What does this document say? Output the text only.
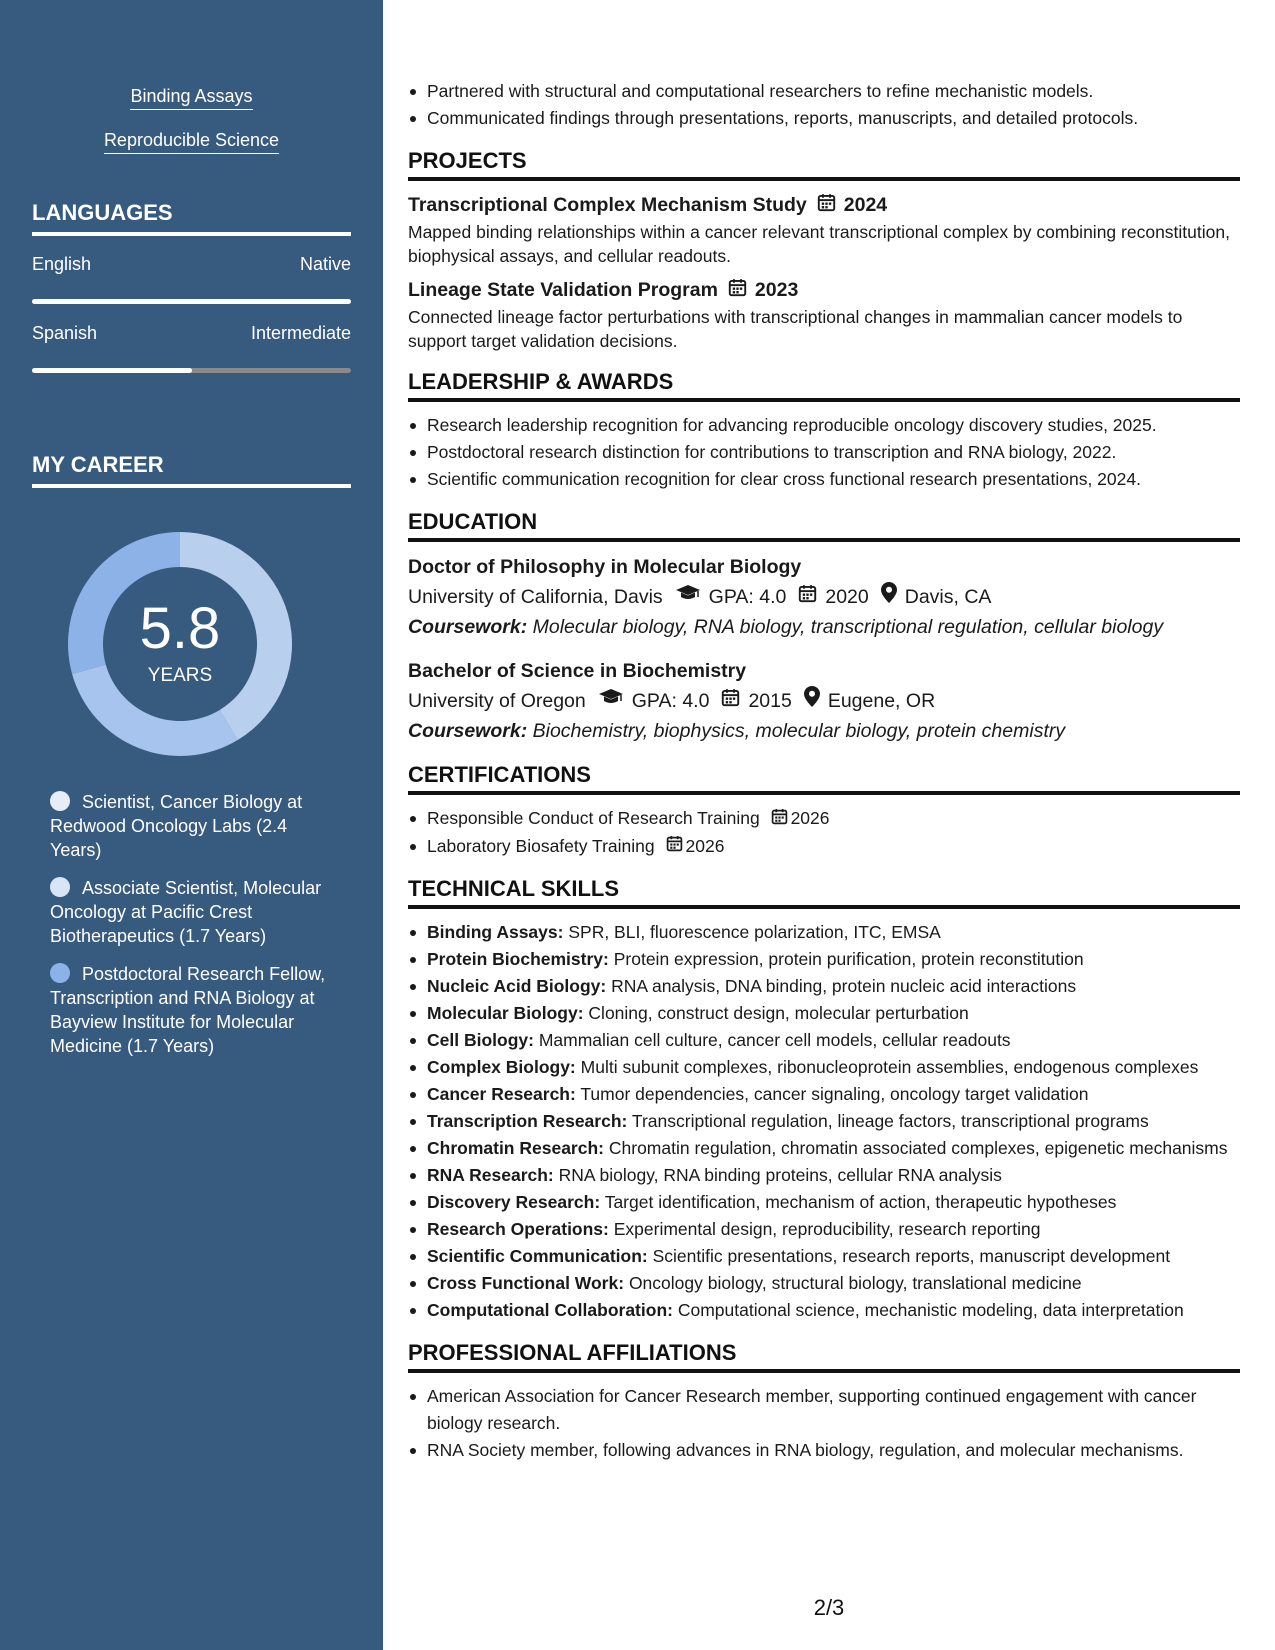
Binding Assays
Reproducible Science
LANGUAGES
English	Native
Spanish	Intermediate
MY CAREER
5.8
YEARS
Scientist, Cancer Biology at Redwood Oncology Labs (2.4 Years)
Associate Scientist, Molecular Oncology at Pacific Crest Biotherapeutics (1.7 Years)
Postdoctoral Research Fellow, Transcription and RNA Biology at Bayview Institute for Molecular Medicine (1.7 Years)
Partnered with structural and computational researchers to refine mechanistic models.
Communicated findings through presentations, reports, manuscripts, and detailed protocols.
PROJECTS
Transcriptional Complex Mechanism Study 2024
Mapped binding relationships within a cancer relevant transcriptional complex by combining reconstitution, biophysical assays, and cellular readouts.
Lineage State Validation Program 2023
Connected lineage factor perturbations with transcriptional changes in mammalian cancer models to support target validation decisions.
LEADERSHIP & AWARDS
Research leadership recognition for advancing reproducible oncology discovery studies, 2025.
Postdoctoral research distinction for contributions to transcription and RNA biology, 2022.
Scientific communication recognition for clear cross functional research presentations, 2024.
EDUCATION
Doctor of Philosophy in Molecular Biology
University of California, Davis GPA: 4.0 2020 Davis, CA
Coursework: Molecular biology, RNA biology, transcriptional regulation, cellular biology
Bachelor of Science in Biochemistry
University of Oregon GPA: 4.0 2015 Eugene, OR
Coursework: Biochemistry, biophysics, molecular biology, protein chemistry
CERTIFICATIONS
Responsible Conduct of Research Training 2026
Laboratory Biosafety Training 2026
TECHNICAL SKILLS
Binding Assays: SPR, BLI, fluorescence polarization, ITC, EMSA
Protein Biochemistry: Protein expression, protein purification, protein reconstitution
Nucleic Acid Biology: RNA analysis, DNA binding, protein nucleic acid interactions
Molecular Biology: Cloning, construct design, molecular perturbation
Cell Biology: Mammalian cell culture, cancer cell models, cellular readouts
Complex Biology: Multi subunit complexes, ribonucleoprotein assemblies, endogenous complexes
Cancer Research: Tumor dependencies, cancer signaling, oncology target validation
Transcription Research: Transcriptional regulation, lineage factors, transcriptional programs
Chromatin Research: Chromatin regulation, chromatin associated complexes, epigenetic mechanisms
RNA Research: RNA biology, RNA binding proteins, cellular RNA analysis
Discovery Research: Target identification, mechanism of action, therapeutic hypotheses
Research Operations: Experimental design, reproducibility, research reporting
Scientific Communication: Scientific presentations, research reports, manuscript development
Cross Functional Work: Oncology biology, structural biology, translational medicine
Computational Collaboration: Computational science, mechanistic modeling, data interpretation
PROFESSIONAL AFFILIATIONS
American Association for Cancer Research member, supporting continued engagement with cancer biology research.
RNA Society member, following advances in RNA biology, regulation, and molecular mechanisms.
2/3
